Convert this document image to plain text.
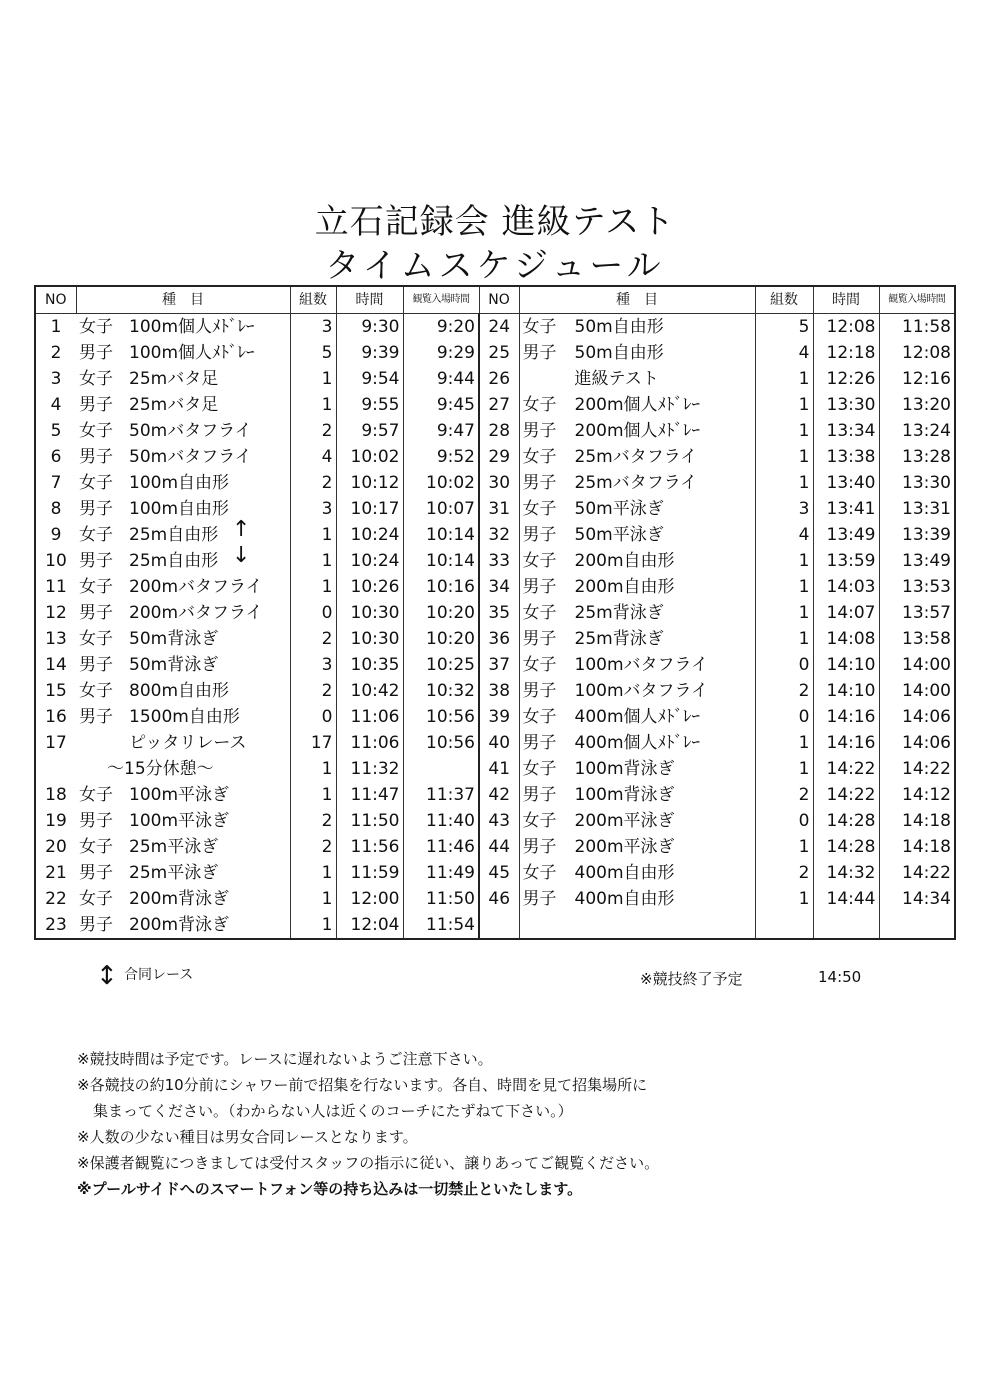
立石記録会 進級テスト
タイムスケジュール
NO	種　目	組数	時間	観覧入場時間	NO	種　目	組数	時間	観覧入場時間
1	女子 100m個人ﾒﾄﾞﾚｰ	3	9:30	9:20	24	女子 50m自由形	5	12:08	11:58
2	男子 100m個人ﾒﾄﾞﾚｰ	5	9:39	9:29	25	男子 50m自由形	4	12:18	12:08
3	女子 25mバタ足	1	9:54	9:44	26	進級テスト	1	12:26	12:16
4	男子 25mバタ足	1	9:55	9:45	27	女子 200m個人ﾒﾄﾞﾚｰ	1	13:30	13:20
5	女子 50mバタフライ	2	9:57	9:47	28	男子 200m個人ﾒﾄﾞﾚｰ	1	13:34	13:24
6	男子 50mバタフライ	4	10:02	9:52	29	女子 25mバタフライ	1	13:38	13:28
7	女子 100m自由形	2	10:12	10:02	30	男子 25mバタフライ	1	13:40	13:30
8	男子 100m自由形	3	10:17	10:07	31	女子 50m平泳ぎ	3	13:41	13:31
9	女子 25m自由形	1	10:24	10:14	32	男子 50m平泳ぎ	4	13:49	13:39
10	男子 25m自由形	1	10:24	10:14	33	女子 200m自由形	1	13:59	13:49
11	女子 200mバタフライ	1	10:26	10:16	34	男子 200m自由形	1	14:03	13:53
12	男子 200mバタフライ	0	10:30	10:20	35	女子 25m背泳ぎ	1	14:07	13:57
13	女子 50m背泳ぎ	2	10:30	10:20	36	男子 25m背泳ぎ	1	14:08	13:58
14	男子 50m背泳ぎ	3	10:35	10:25	37	女子 100mバタフライ	0	14:10	14:00
15	女子 800m自由形	2	10:42	10:32	38	男子 100mバタフライ	2	14:10	14:00
16	男子 1500m自由形	0	11:06	10:56	39	女子 400m個人ﾒﾄﾞﾚｰ	0	14:16	14:06
17	ピッタリレース	17	11:06	10:56	40	男子 400m個人ﾒﾄﾞﾚｰ	1	14:16	14:06
	～15分休憩～	1	11:32		41	女子 100m背泳ぎ	1	14:22	14:22
18	女子 100m平泳ぎ	1	11:47	11:37	42	男子 100m背泳ぎ	2	14:22	14:12
19	男子 100m平泳ぎ	2	11:50	11:40	43	女子 200m平泳ぎ	0	14:28	14:18
20	女子 25m平泳ぎ	2	11:56	11:46	44	男子 200m平泳ぎ	1	14:28	14:18
21	男子 25m平泳ぎ	1	11:59	11:49	45	女子 400m自由形	2	14:32	14:22
22	女子 200m背泳ぎ	1	12:00	11:50	46	男子 400m自由形	1	14:44	14:34
23	男子 200m背泳ぎ	1	12:04	11:54					
↑
↓
↕ 合同レース	※競技終了予定	14:50
※競技時間は予定です。レースに遅れないようご注意下さい。
※各競技の約10分前にシャワー前で招集を行ないます。各自、時間を見て招集場所に
集まってください。（わからない人は近くのコーチにたずねて下さい。）
※人数の少ない種目は男女合同レースとなります。
※保護者観覧につきましては受付スタッフの指示に従い、譲りあってご観覧ください。
※プールサイドへのスマートフォン等の持ち込みは一切禁止といたします。
